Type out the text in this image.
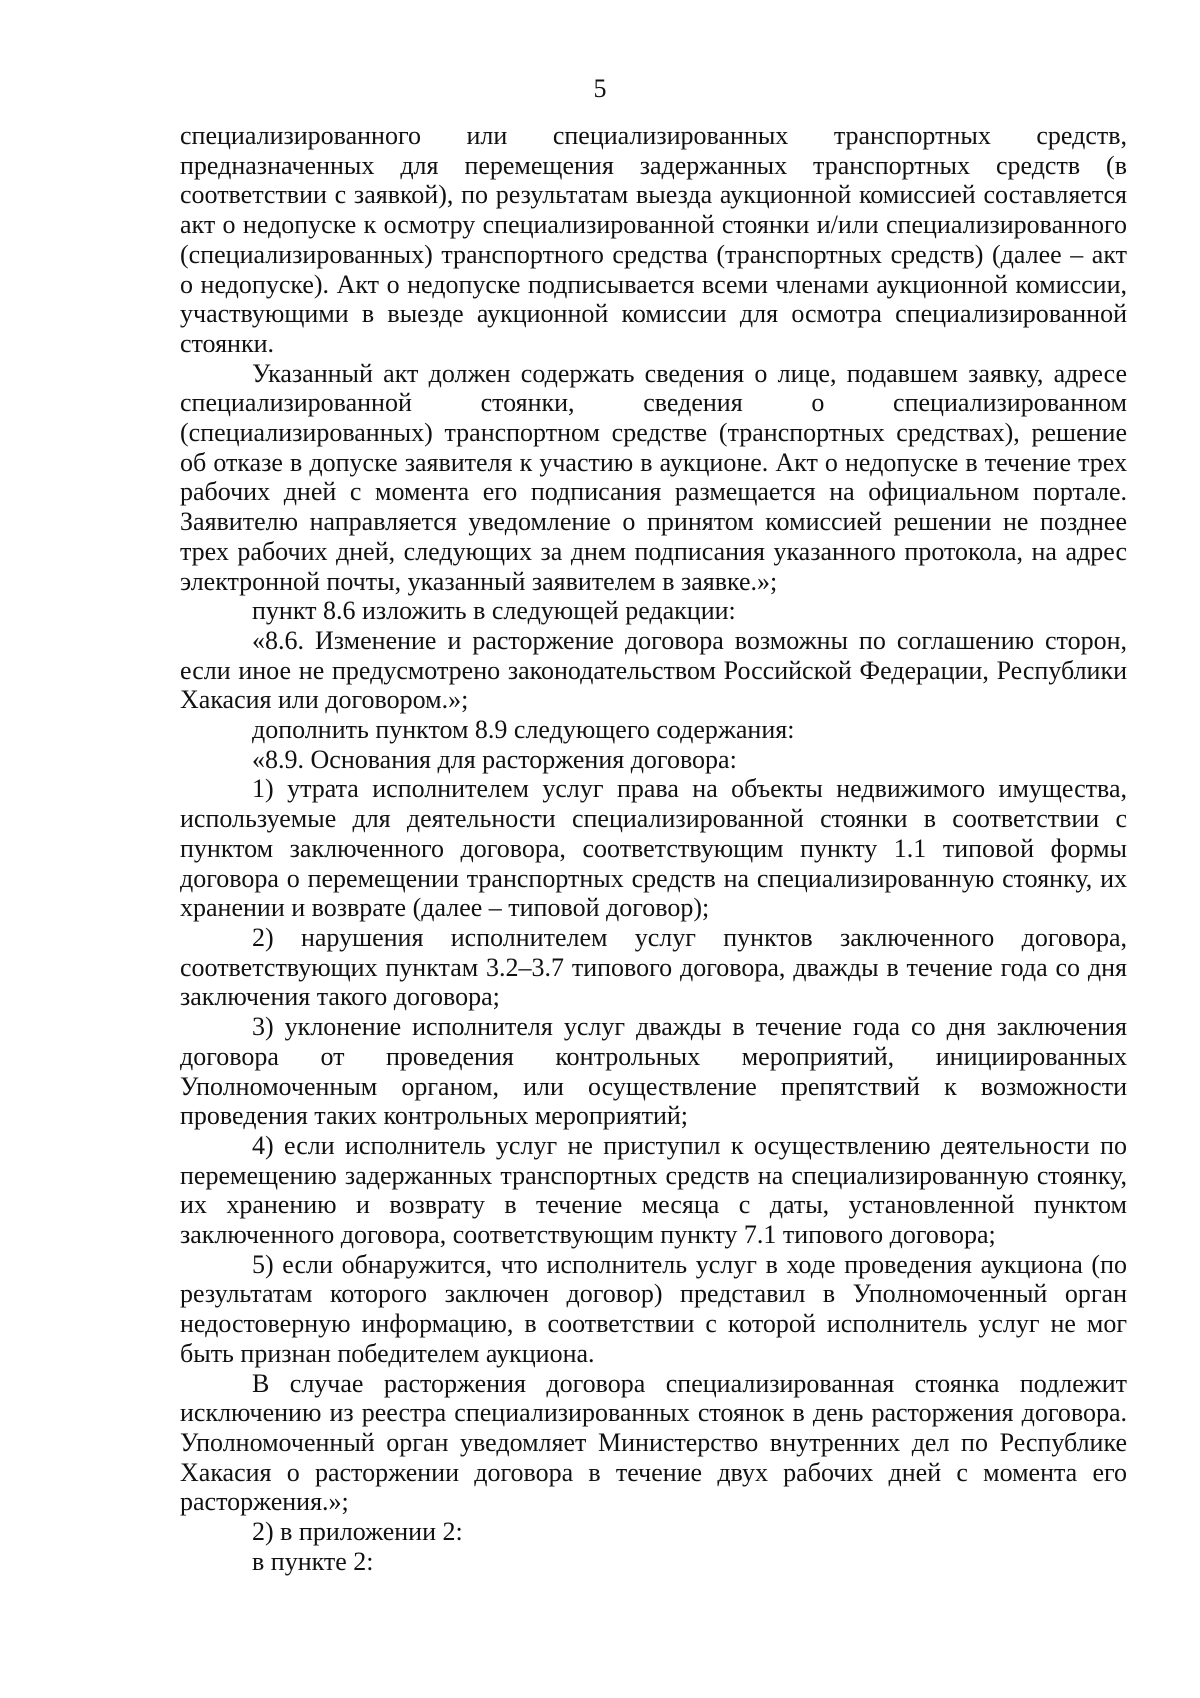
5

специализированного или специализированных транспортных средств, предназначенных для перемещения задержанных транспортных средств (в соответствии с заявкой), по результатам выезда аукционной комиссией составляется акт о недопуске к осмотру специализированной стоянки и/или специализированного (специализированных) транспортного средства (транспортных средств) (далее – акт о недопуске). Акт о недопуске подписывается всеми членами аукционной комиссии, участвующими в выезде аукционной комиссии для осмотра специализированной стоянки.

Указанный акт должен содержать сведения о лице, подавшем заявку, адресе специализированной стоянки, сведения о специализированном (специализированных) транспортном средстве (транспортных средствах), решение об отказе в допуске заявителя к участию в аукционе. Акт о недопуске в течение трех рабочих дней с момента его подписания размещается на официальном портале. Заявителю направляется уведомление о принятом комиссией решении не позднее трех рабочих дней, следующих за днем подписания указанного протокола, на адрес электронной почты, указанный заявителем в заявке.»;

пункт 8.6 изложить в следующей редакции:

«8.6. Изменение и расторжение договора возможны по соглашению сторон, если иное не предусмотрено законодательством Российской Федерации, Республики Хакасия или договором.»;

дополнить пунктом 8.9 следующего содержания:

«8.9. Основания для расторжения договора:

1) утрата исполнителем услуг права на объекты недвижимого имущества, используемые для деятельности специализированной стоянки в соответствии с пунктом заключенного договора, соответствующим пункту 1.1 типовой формы договора о перемещении транспортных средств на специализированную стоянку, их хранении и возврате (далее – типовой договор);

2) нарушения исполнителем услуг пунктов заключенного договора, соответствующих пунктам 3.2–3.7 типового договора, дважды в течение года со дня заключения такого договора;

3) уклонение исполнителя услуг дважды в течение года со дня заключения договора от проведения контрольных мероприятий, инициированных Уполномоченным органом, или осуществление препятствий к возможности проведения таких контрольных мероприятий;

4) если исполнитель услуг не приступил к осуществлению деятельности по перемещению задержанных транспортных средств на специализированную стоянку, их хранению и возврату в течение месяца с даты, установленной пунктом заключенного договора, соответствующим пункту 7.1 типового договора;

5) если обнаружится, что исполнитель услуг в ходе проведения аукциона (по результатам которого заключен договор) представил в Уполномоченный орган недостоверную информацию, в соответствии с которой исполнитель услуг не мог быть признан победителем аукциона.

В случае расторжения договора специализированная стоянка подлежит исключению из реестра специализированных стоянок в день расторжения договора. Уполномоченный орган уведомляет Министерство внутренних дел по Республике Хакасия о расторжении договора в течение двух рабочих дней с момента его расторжения.»;

2) в приложении 2:

в пункте 2:
